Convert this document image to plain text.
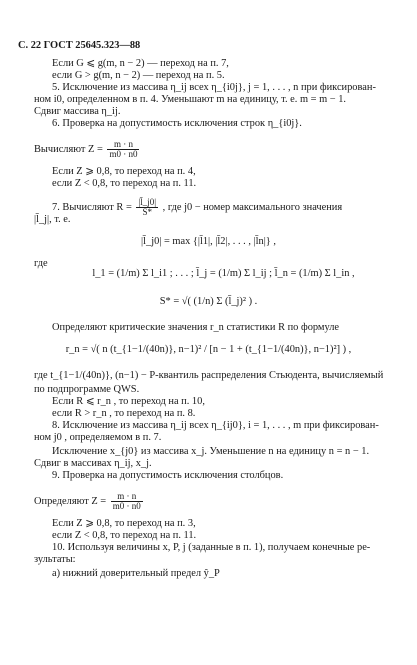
С. 22 ГОСТ 25645.323—88
Если G ⩽ g(m, n − 2) — переход на п. 7,
если G > g(m, n − 2) — переход на п. 5.
5. Исключение из массива η_ij всех η_{i0j}, j = 1, . . . , n при фиксирован-
ном i0, определенном в п. 4. Уменьшают m на единицу, т. е. m = m − 1.
Сдвиг массива η_ij.
6. Проверка на допустимость исключения строк η_{i0j}.
Вычисляют $Z = \frac{m \cdot n}{m0 \cdot n0}$
Если Z ⩾ 0,8, то переход на п. 4,
если Z < 0,8, то переход на п. 11.
7. Вычисляют $R = \frac{|l̄\_j0|}{S*}$ , где j0 − номер максимального значения
|l̄_j|, т. е.
|l̄_j0| = max {|l̄1|, |l̄2|, . . . , |l̄n|} ,
где
l_1 = (1/m) Σ l_i1 ; . . . ; l̄_j = (1/m) Σ l_ij ; l̄_n = (1/m) Σ l_in ,
S* = √( (1/n) Σ (l̄_j)² ) .
Определяют критические значения r_n статистики R по формуле
r_n = √( n (t_{1−1/(40n)}, n−1)² / [n − 1 + (t_{1−1/(40n)}, n−1)²] ) ,
где t_{1−1/(40n)}, (n−1) − P-квантиль распределения Стьюдента, вычисляемый
по подпрограмме QWS.
Если R ⩽ r_n , то переход на п. 10,
если R > r_n , то переход на п. 8.
8. Исключение из массива η_ij всех η_{ij0}, i = 1, . . . , m при фиксирован-
ном j0 , определяемом в п. 7.
Исключение x_{j0} из массива x_j. Уменьшение n на единицу n = n − 1.
Сдвиг в массивах η_ij, x_j.
9. Проверка на допустимость исключения столбцов.
Определяют $Z = \frac{m \cdot n}{m0 \cdot n0}$
Если Z ⩾ 0,8, то переход на п. 3,
если Z < 0,8, то переход на п. 11.
10. Используя величины x, P, j (заданные в п. 1), получаем конечные ре-
зультаты:
а) нижний доверительный предел ŷ_P
